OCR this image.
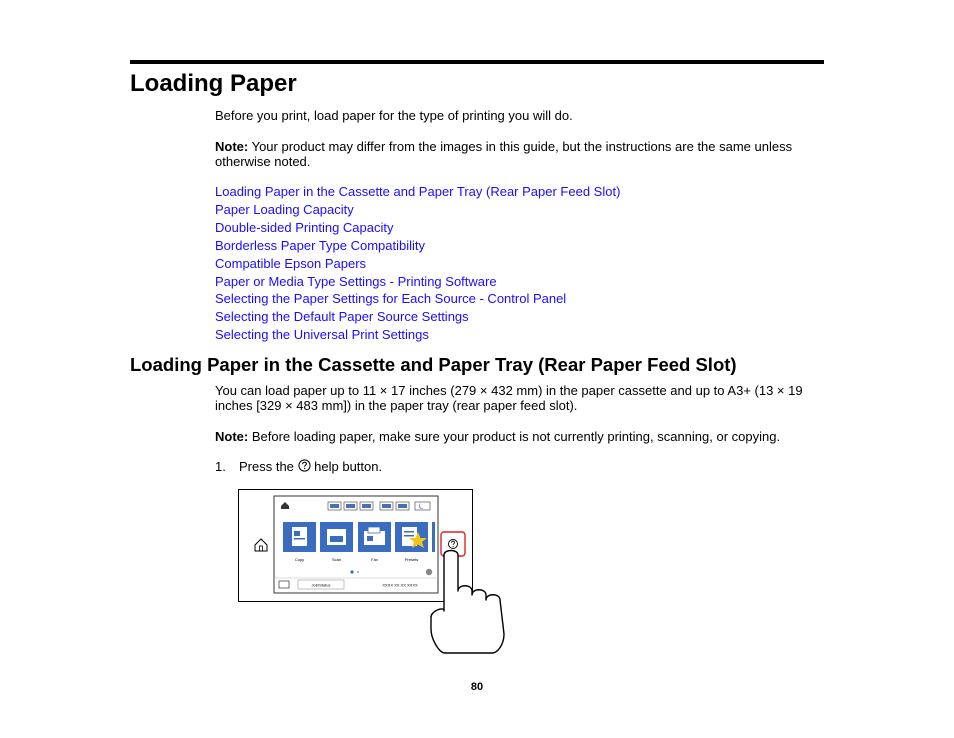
Loading Paper

Before you print, load paper for the type of printing you will do.

Note: Your product may differ from the images in this guide, but the instructions are the same unless otherwise noted.

Loading Paper in the Cassette and Paper Tray (Rear Paper Feed Slot)
Paper Loading Capacity
Double-sided Printing Capacity
Borderless Paper Type Compatibility
Compatible Epson Papers
Paper or Media Type Settings - Printing Software
Selecting the Paper Settings for Each Source - Control Panel
Selecting the Default Paper Source Settings
Selecting the Universal Print Settings
Loading Paper in the Cassette and Paper Tray (Rear Paper Feed Slot)

You can load paper up to 11 × 17 inches (279 × 432 mm) in the paper cassette and up to A3+ (13 × 19 inches [329 × 483 mm]) in the paper tray (rear paper feed slot).

Note: Before loading paper, make sure your product is not currently printing, scanning, or copying.

1. Press the  help button.
Copy	Scan	Fax	Presets
Job/Status	XXXX XX XX XXXX
80
